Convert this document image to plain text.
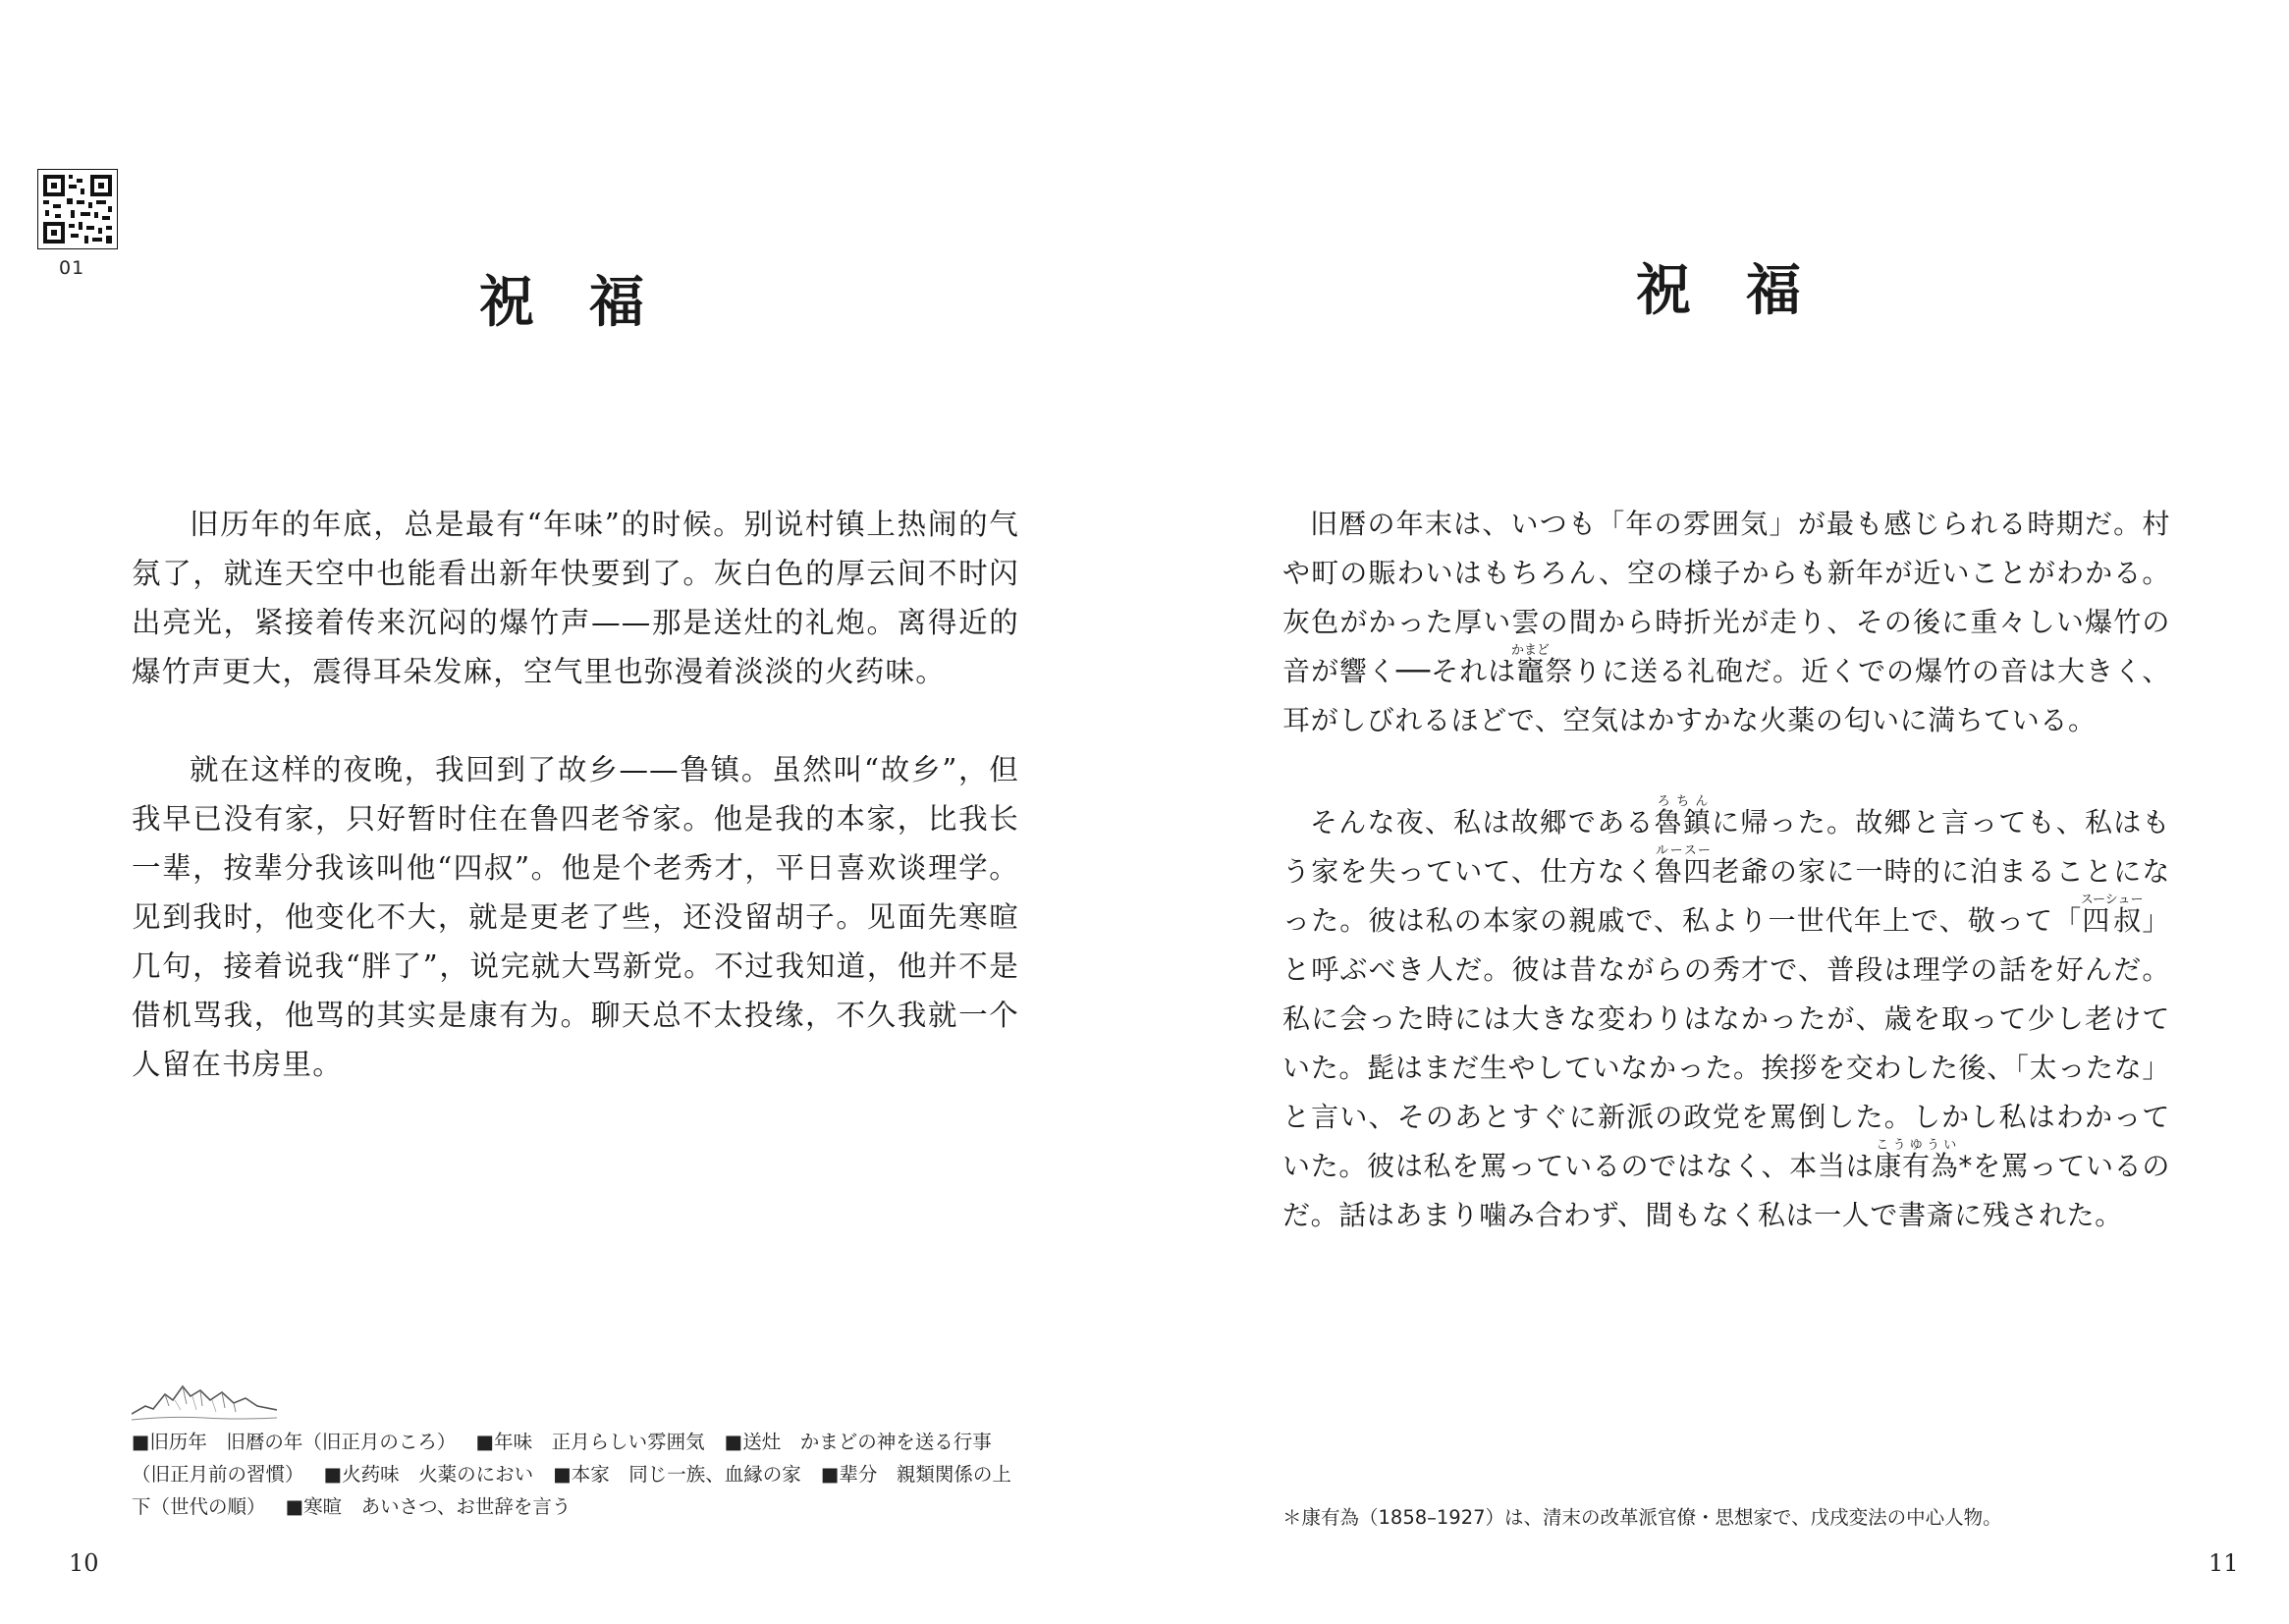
01
祝福

旧历年的年底，总是最有“年味”的时候。别说村镇上热闹的气氛了，就连天空中也能看出新年快要到了。灰白色的厚云间不时闪出亮光，紧接着传来沉闷的爆竹声——那是送灶的礼炮。离得近的爆竹声更大，震得耳朵发麻，空气里也弥漫着淡淡的火药味。

就在这样的夜晚，我回到了故乡——鲁镇。虽然叫“故乡”，但我早已没有家，只好暂时住在鲁四老爷家。他是我的本家，比我长一辈，按辈分我该叫他“四叔”。他是个老秀才，平日喜欢谈理学。见到我时，他变化不大，就是更老了些，还没留胡子。见面先寒暄几句，接着说我“胖了”，说完就大骂新党。不过我知道，他并不是借机骂我，他骂的其实是康有为。聊天总不太投缘，不久我就一个人留在书房里。

■旧历年　旧暦の年（旧正月のころ） ■年味　正月らしい雰囲気 ■送灶　かまどの神を送る行事（旧正月前の習慣） ■火药味　火薬のにおい ■本家　同じ一族、血縁の家 ■辈分　親類関係の上下（世代の順） ■寒暄　あいさつ、お世辞を言う
10
祝福

旧暦の年末は、いつも「年の雰囲気」が最も感じられる時期だ。村や町の賑わいはもちろん、空の様子からも新年が近いことがわかる。灰色がかった厚い雲の間から時折光が走り、その後に重々しい爆竹の音が響く──それは竈かまど祭りに送る礼砲だ。近くでの爆竹の音は大きく、耳がしびれるほどで、空気はかすかな火薬の匂いに満ちている。

そんな夜、私は故郷である魯鎮ろちんに帰った。故郷と言っても、私はもう家を失っていて、仕方なく魯四ルースー老爺の家に一時的に泊まることになった。彼は私の本家の親戚で、私より一世代年上で、敬って「四叔スーシュー」と呼ぶべき人だ。彼は昔ながらの秀才で、普段は理学の話を好んだ。私に会った時には大きな変わりはなかったが、歳を取って少し老けていた。髭はまだ生やしていなかった。挨拶を交わした後、「太ったな」と言い、そのあとすぐに新派の政党を罵倒した。しかし私はわかっていた。彼は私を罵っているのではなく、本当は康有為こうゆうい*を罵っているのだ。話はあまり噛み合わず、間もなく私は一人で書斎に残された。

＊康有為（1858–1927）は、清末の改革派官僚・思想家で、戊戌変法の中心人物。
11
